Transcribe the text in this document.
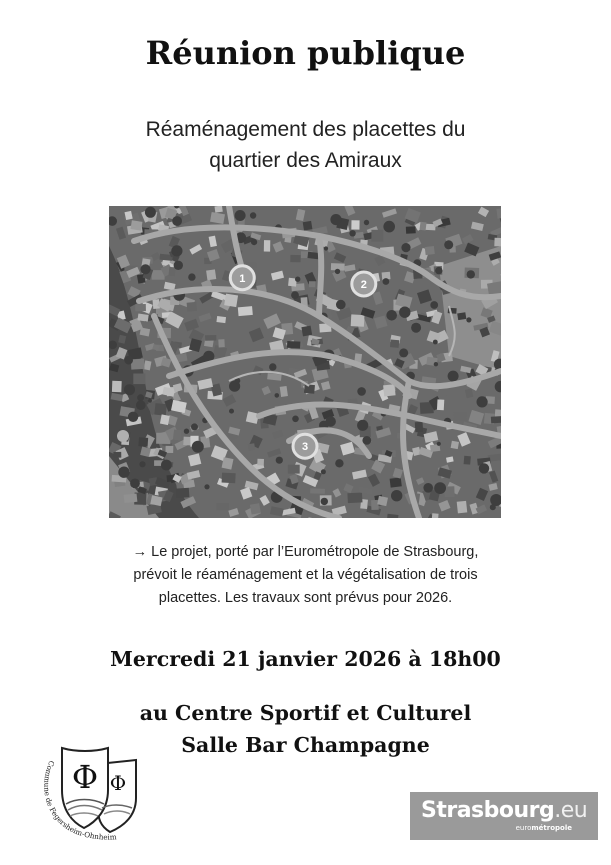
Réunion publique
Réaménagement des placettes du
quartier des Amiraux
1
2
3
→ Le projet, porté par l’Eurométropole de Strasbourg,
prévoit le réaménagement et la végétalisation de trois
placettes. Les travaux sont prévus pour 2026.
Mercredi 21 janvier 2026 à 18h00
au Centre Sportif et Culturel
Salle Bar Champagne
Φ Φ
Commune de Fegersheim-Ohnheim
Strasbourg.eu
eurométropole
